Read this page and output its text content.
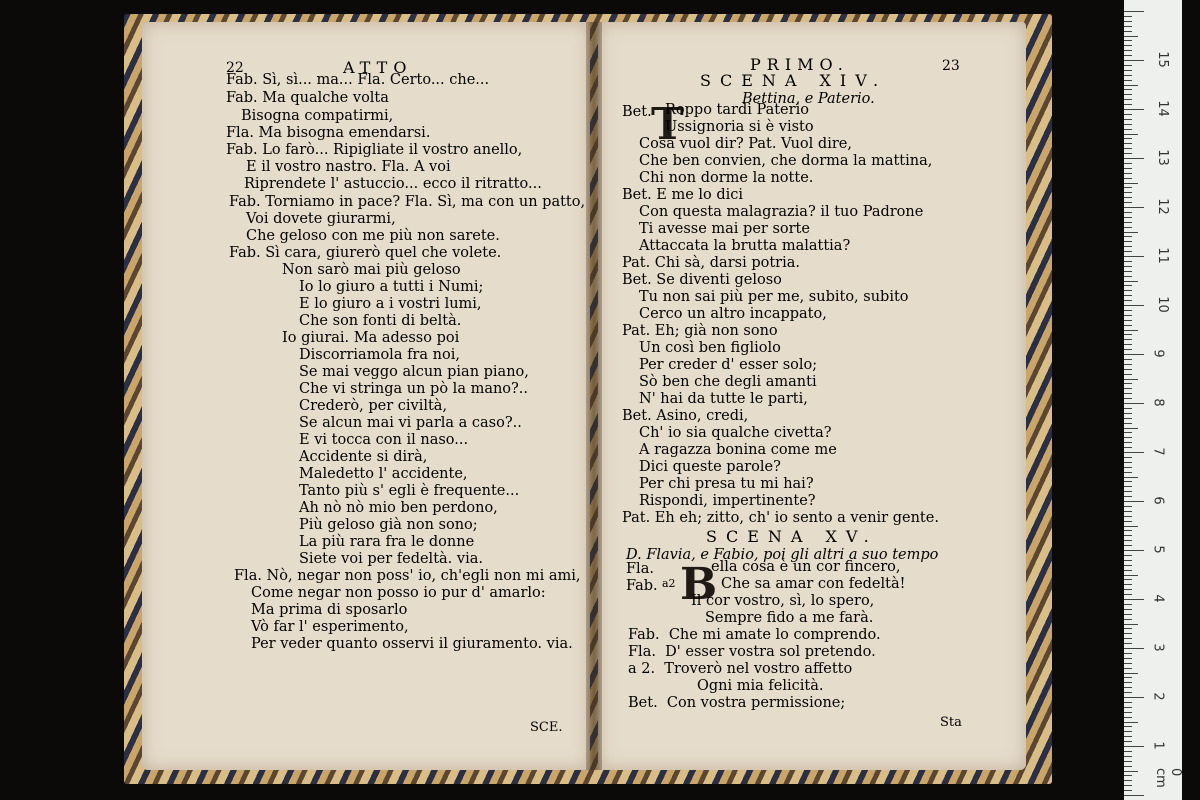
22	ATTO
Fab. Sì, sì... ma... Fla. Certo... che...
Fab. Ma qualche volta
Bisogna compatirmi,
Fla. Ma bisogna emendarsi.
Fab. Lo farò... Ripigliate il vostro anello,
E il vostro nastro. Fla. A voi
Riprendete l' astuccio... ecco il ritratto...
Fab. Torniamo in pace? Fla. Sì, ma con un patto,
Voi dovete giurarmi,
Che geloso con me più non sarete.
Fab. Sì cara, giurerò quel che volete.
Non sarò mai più geloso
Io lo giuro a tutti i Numi;
E lo giuro a i vostri lumi,
Che son fonti di beltà.
Io giurai. Ma adesso poi
Discorriamola fra noi,
Se mai veggo alcun pian piano,
Che vi stringa un pò la mano?..
Crederò, per civiltà,
Se alcun mai vi parla a caso?..
E vi tocca con il naso...
Accidente si dirà,
Maledetto l' accidente,
Tanto più s' egli è frequente...
Ah nò nò mio ben perdono,
Più geloso già non sono;
La più rara fra le donne
Siete voi per fedeltà. via.
Fla. Nò, negar non poss' io, ch'egli non mi ami,
Come negar non posso io pur d' amarlo:
Ma prima di sposarlo
Vò far l' esperimento,
Per veder quanto osservi il giuramento. via.
SCE.
PRIMO.	23
SCENA XIV.
Bettina, e Paterio.
T
Bet. Roppo tardi Paterio
Ussignoria si è visto
Cosa vuol dir? Pat. Vuol dire,
Che ben convien, che dorma la mattina,
Chi non dorme la notte.
Bet. E me lo dici
Con questa malagrazia? il tuo Padrone
Ti avesse mai per sorte
Attaccata la brutta malattia?
Pat. Chi sà, darsi potria.
Bet. Se diventi geloso
Tu non sai più per me, subito, subito
Cerco un altro incappato,
Pat. Eh; già non sono
Un così ben figliolo
Per creder d' esser solo;
Sò ben che degli amanti
N' hai da tutte le parti,
Bet. Asino, credi,
Ch' io sia qualche civetta?
A ragazza bonina come me
Dici queste parole?
Per chi presa tu mi hai?
Rispondi, impertinente?
Pat. Eh eh; zitto, ch' io sento a venir gente.
SCENA XV.
D. Flavia, e Fabio, poi gli altri a suo tempo
B
a2
Fla.
Fab.
ella cosa è un cor fincero,
Che sa amar con fedeltà!
Il cor vostro, sì, lo spero,
Sempre fido a me farà.
Fab.  Che mi amate lo comprendo.
Fla.  D' esser vostra sol pretendo.
a 2.  Troverò nel vostro affetto
Ogni mia felicità.
Bet.  Con vostra permissione;
Sta
0 cm
1
2
3
4
5
6
7
8
9
10
11
12
13
14
15
